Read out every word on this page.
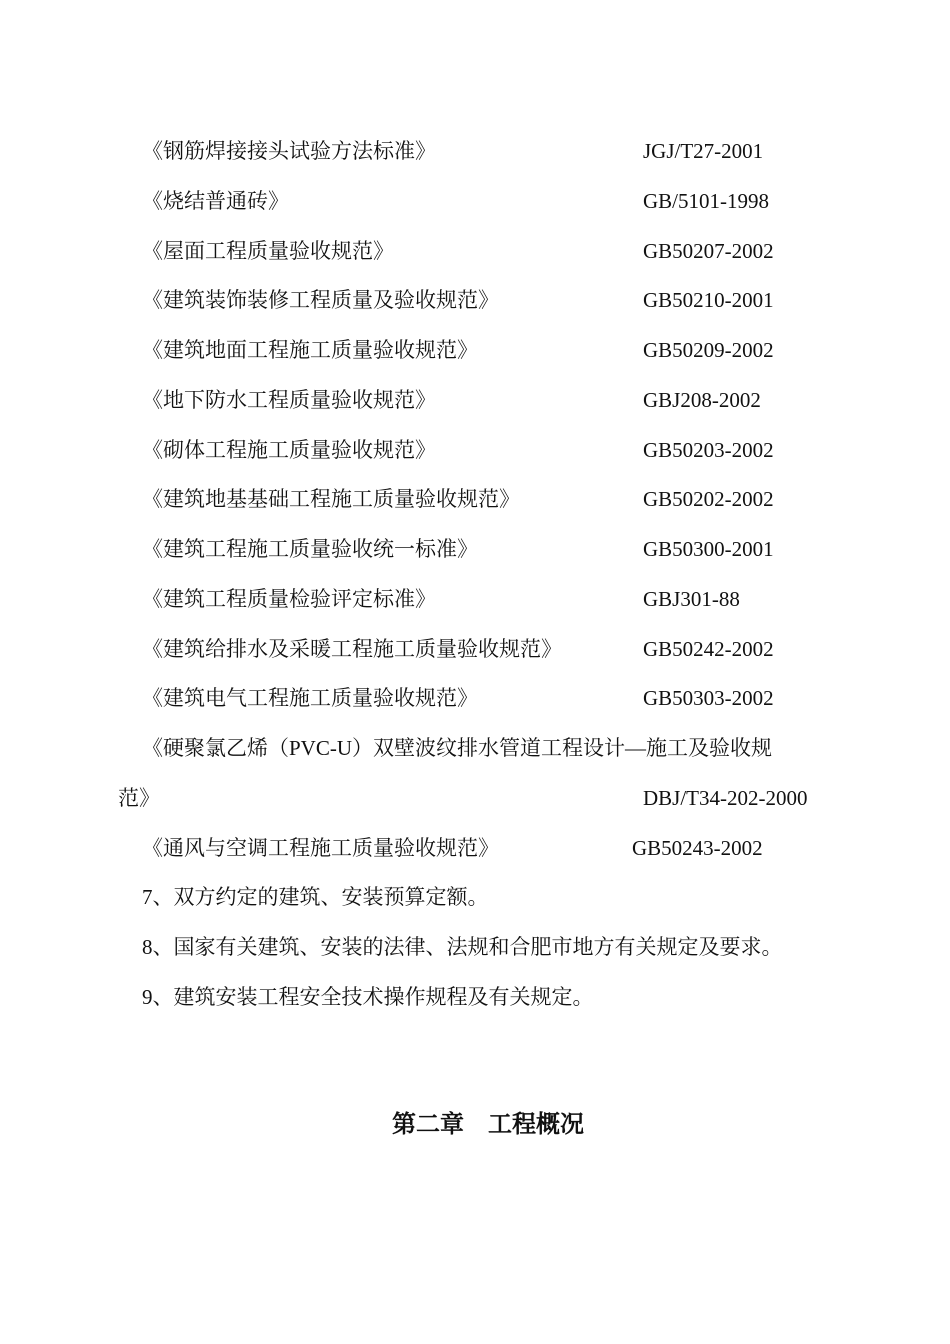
《钢筋焊接接头试验方法标准》	JGJ/T27-2001
《烧结普通砖》	GB/5101-1998
《屋面工程质量验收规范》	GB50207-2002
《建筑装饰装修工程质量及验收规范》	GB50210-2001
《建筑地面工程施工质量验收规范》	GB50209-2002
《地下防水工程质量验收规范》	GBJ208-2002
《砌体工程施工质量验收规范》	GB50203-2002
《建筑地基基础工程施工质量验收规范》	GB50202-2002
《建筑工程施工质量验收统一标准》	GB50300-2001
《建筑工程质量检验评定标准》	GBJ301-88
《建筑给排水及采暖工程施工质量验收规范》	GB50242-2002
《建筑电气工程施工质量验收规范》	GB50303-2002
《硬聚氯乙烯（PVC-U）双壁波纹排水管道工程设计—施工及验收规
范》	DBJ/T34-202-2000
《通风与空调工程施工质量验收规范》	GB50243-2002
7、双方约定的建筑、安装预算定额。
8、国家有关建筑、安装的法律、法规和合肥市地方有关规定及要求。
9、建筑安装工程安全技术操作规程及有关规定。
第二章　工程概况
